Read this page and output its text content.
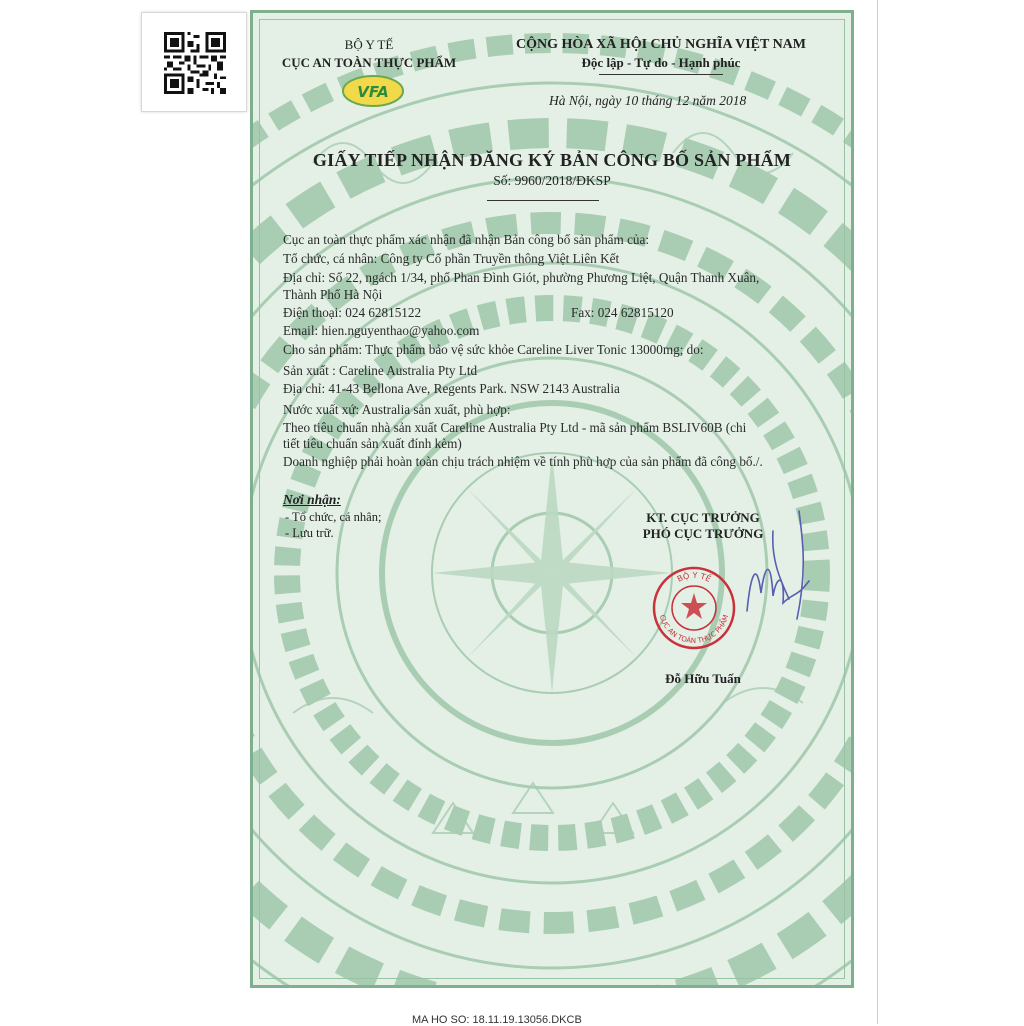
BỘ Y TẾ
CỤC AN TOÀN THỰC PHẨM
VFA
CỘNG HÒA XÃ HỘI CHỦ NGHĨA VIỆT NAM
Độc lập - Tự do - Hạnh phúc
Hà Nội, ngày 10 tháng 12 năm 2018
GIẤY TIẾP NHẬN ĐĂNG KÝ BẢN CÔNG BỐ SẢN PHẨM
Số: 9960/2018/ĐKSP
Cục an toàn thực phẩm xác nhận đã nhận Bản công bố sản phẩm của:
Tổ chức, cá nhân: Công ty Cổ phần Truyền thông Việt Liên Kết
Địa chỉ: Số 22, ngách 1/34, phố Phan Đình Giót, phường Phương Liệt, Quận Thanh Xuân,
Thành Phố Hà Nội
Điện thoại: 024 62815122	Fax: 024 62815120
Email: hien.nguyenthao@yahoo.com
Cho sản phẩm: Thực phẩm bảo vệ sức khỏe Careline Liver Tonic 13000mg; do:
Sản xuất : Careline Australia Pty Ltd
Địa chỉ: 41-43 Bellona Ave, Regents Park. NSW 2143 Australia
Nước xuất xứ: Australia sản xuất, phù hợp:
Theo tiêu chuẩn nhà sản xuất Careline Australia Pty Ltd - mã sản phẩm BSLIV60B (chi
tiết tiêu chuẩn sản xuất đính kèm)
Doanh nghiệp phải hoàn toàn chịu trách nhiệm về tính phù hợp của sản phẩm đã công bố./.
Nơi nhận:
- Tổ chức, cá nhân;
- Lưu trữ.
KT. CỤC TRƯỞNG
PHÓ CỤC TRƯỞNG
BỘ Y TẾ
CỤC AN TOÀN THỰC PHẨM
Đỗ Hữu Tuấn
MA HO SO: 18.11.19.13056.DKCB
